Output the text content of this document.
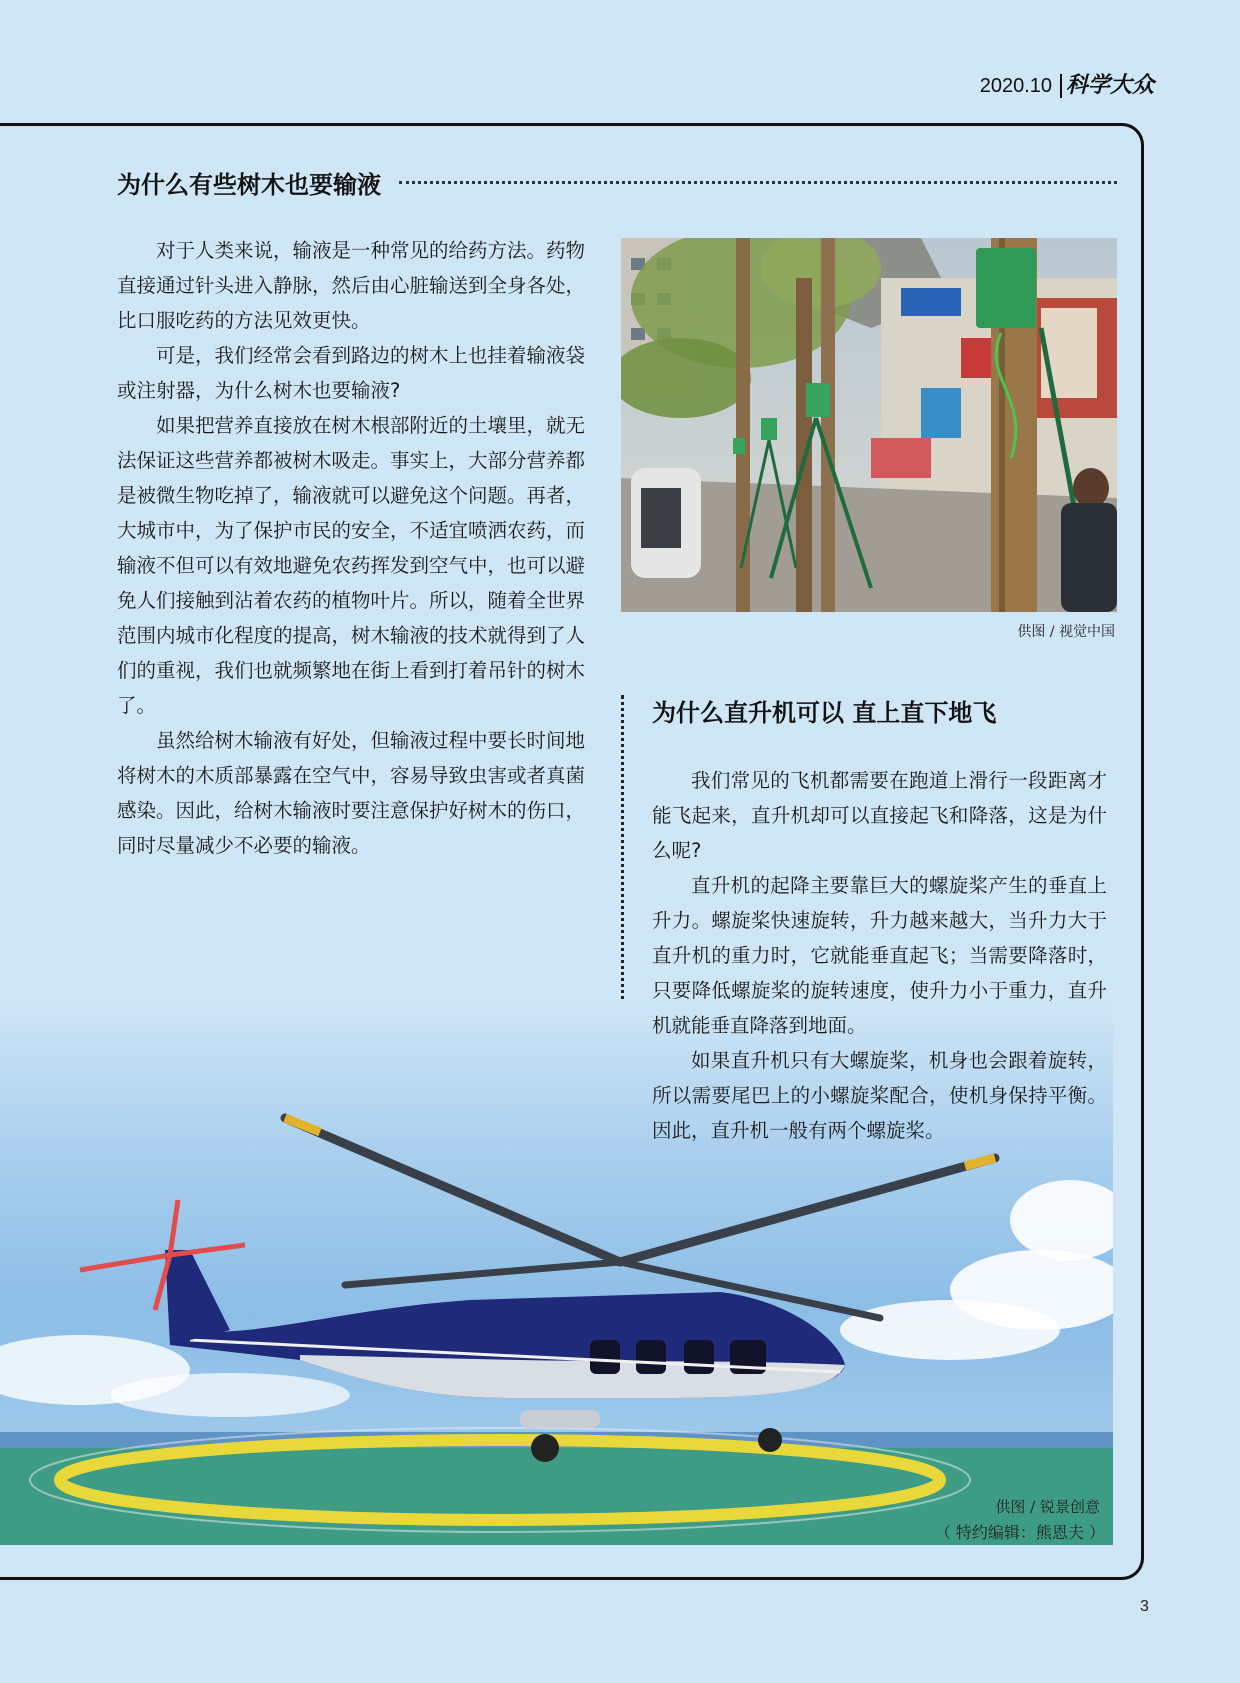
2020.10 科学大众
为什么有些树木也要输液

对于人类来说，输液是一种常见的给药方法。药物直接通过针头进入静脉，然后由心脏输送到全身各处，比口服吃药的方法见效更快。

可是，我们经常会看到路边的树木上也挂着输液袋或注射器，为什么树木也要输液?

如果把营养直接放在树木根部附近的土壤里，就无法保证这些营养都被树木吸走。事实上，大部分营养都是被微生物吃掉了，输液就可以避免这个问题。再者，大城市中，为了保护市民的安全，不适宜喷洒农药，而输液不但可以有效地避免农药挥发到空气中，也可以避免人们接触到沾着农药的植物叶片。所以，随着全世界范围内城市化程度的提高，树木输液的技术就得到了人们的重视，我们也就频繁地在街上看到打着吊针的树木了。

虽然给树木输液有好处，但输液过程中要长时间地将树木的木质部暴露在空气中，容易导致虫害或者真菌感染。因此，给树木输液时要注意保护好树木的伤口，同时尽量减少不必要的输液。

供图 / 视觉中国
为什么直升机可以 直上直下地飞

我们常见的飞机都需要在跑道上滑行一段距离才能飞起来，直升机却可以直接起飞和降落，这是为什么呢?

直升机的起降主要靠巨大的螺旋桨产生的垂直上升力。螺旋桨快速旋转，升力越来越大，当升力大于直升机的重力时，它就能垂直起飞；当需要降落时，只要降低螺旋桨的旋转速度，使升力小于重力，直升机就能垂直降落到地面。

如果直升机只有大螺旋桨，机身也会跟着旋转，所以需要尾巴上的小螺旋桨配合，使机身保持平衡。因此，直升机一般有两个螺旋桨。

供图 / 锐景创意
（ 特约编辑：熊恩夫 ）
3
